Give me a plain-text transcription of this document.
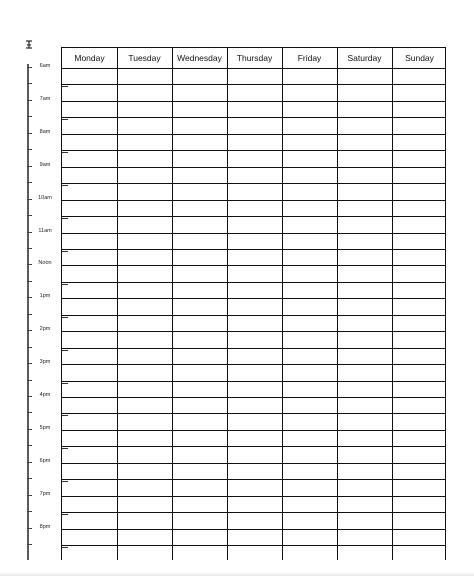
6am
7am
8am
9am
10am
11am
Noon
1pm
2pm
3pm
4pm
5pm
6pm
7pm
8pm
Monday	Tuesday	Wednesday	Thursday	Friday	Saturday	Sunday
